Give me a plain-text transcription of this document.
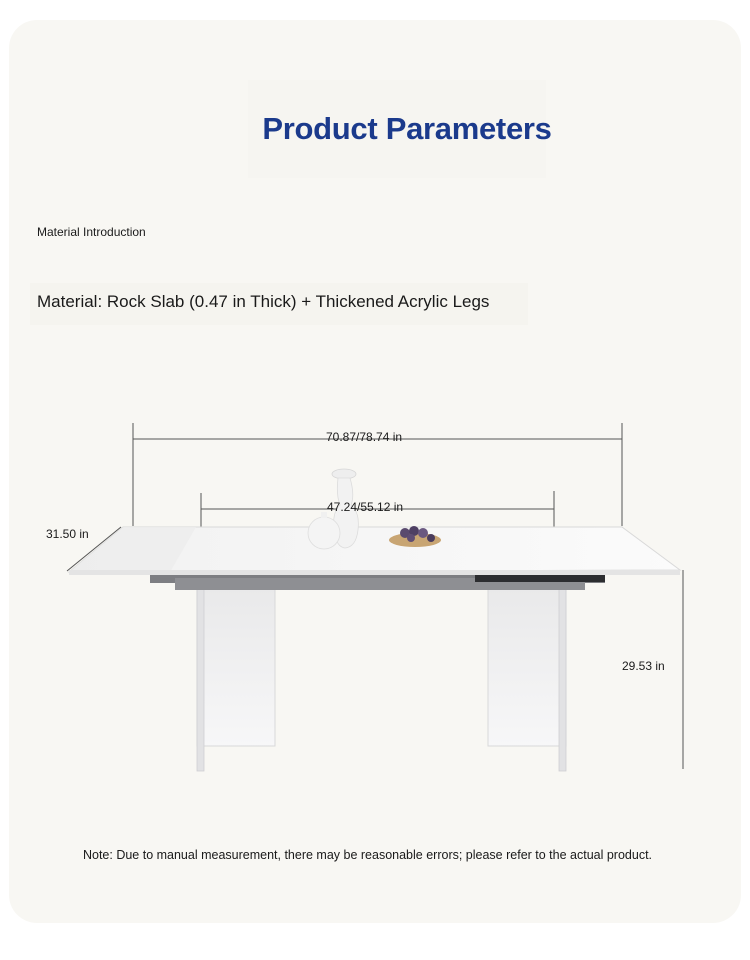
Product Parameters
Material Introduction
Material: Rock Slab (0.47 in Thick) + Thickened Acrylic Legs
70.87/78.74 in
47.24/55.12 in
31.50 in
29.53 in
Note: Due to manual measurement, there may be reasonable errors; please refer to the actual product.
